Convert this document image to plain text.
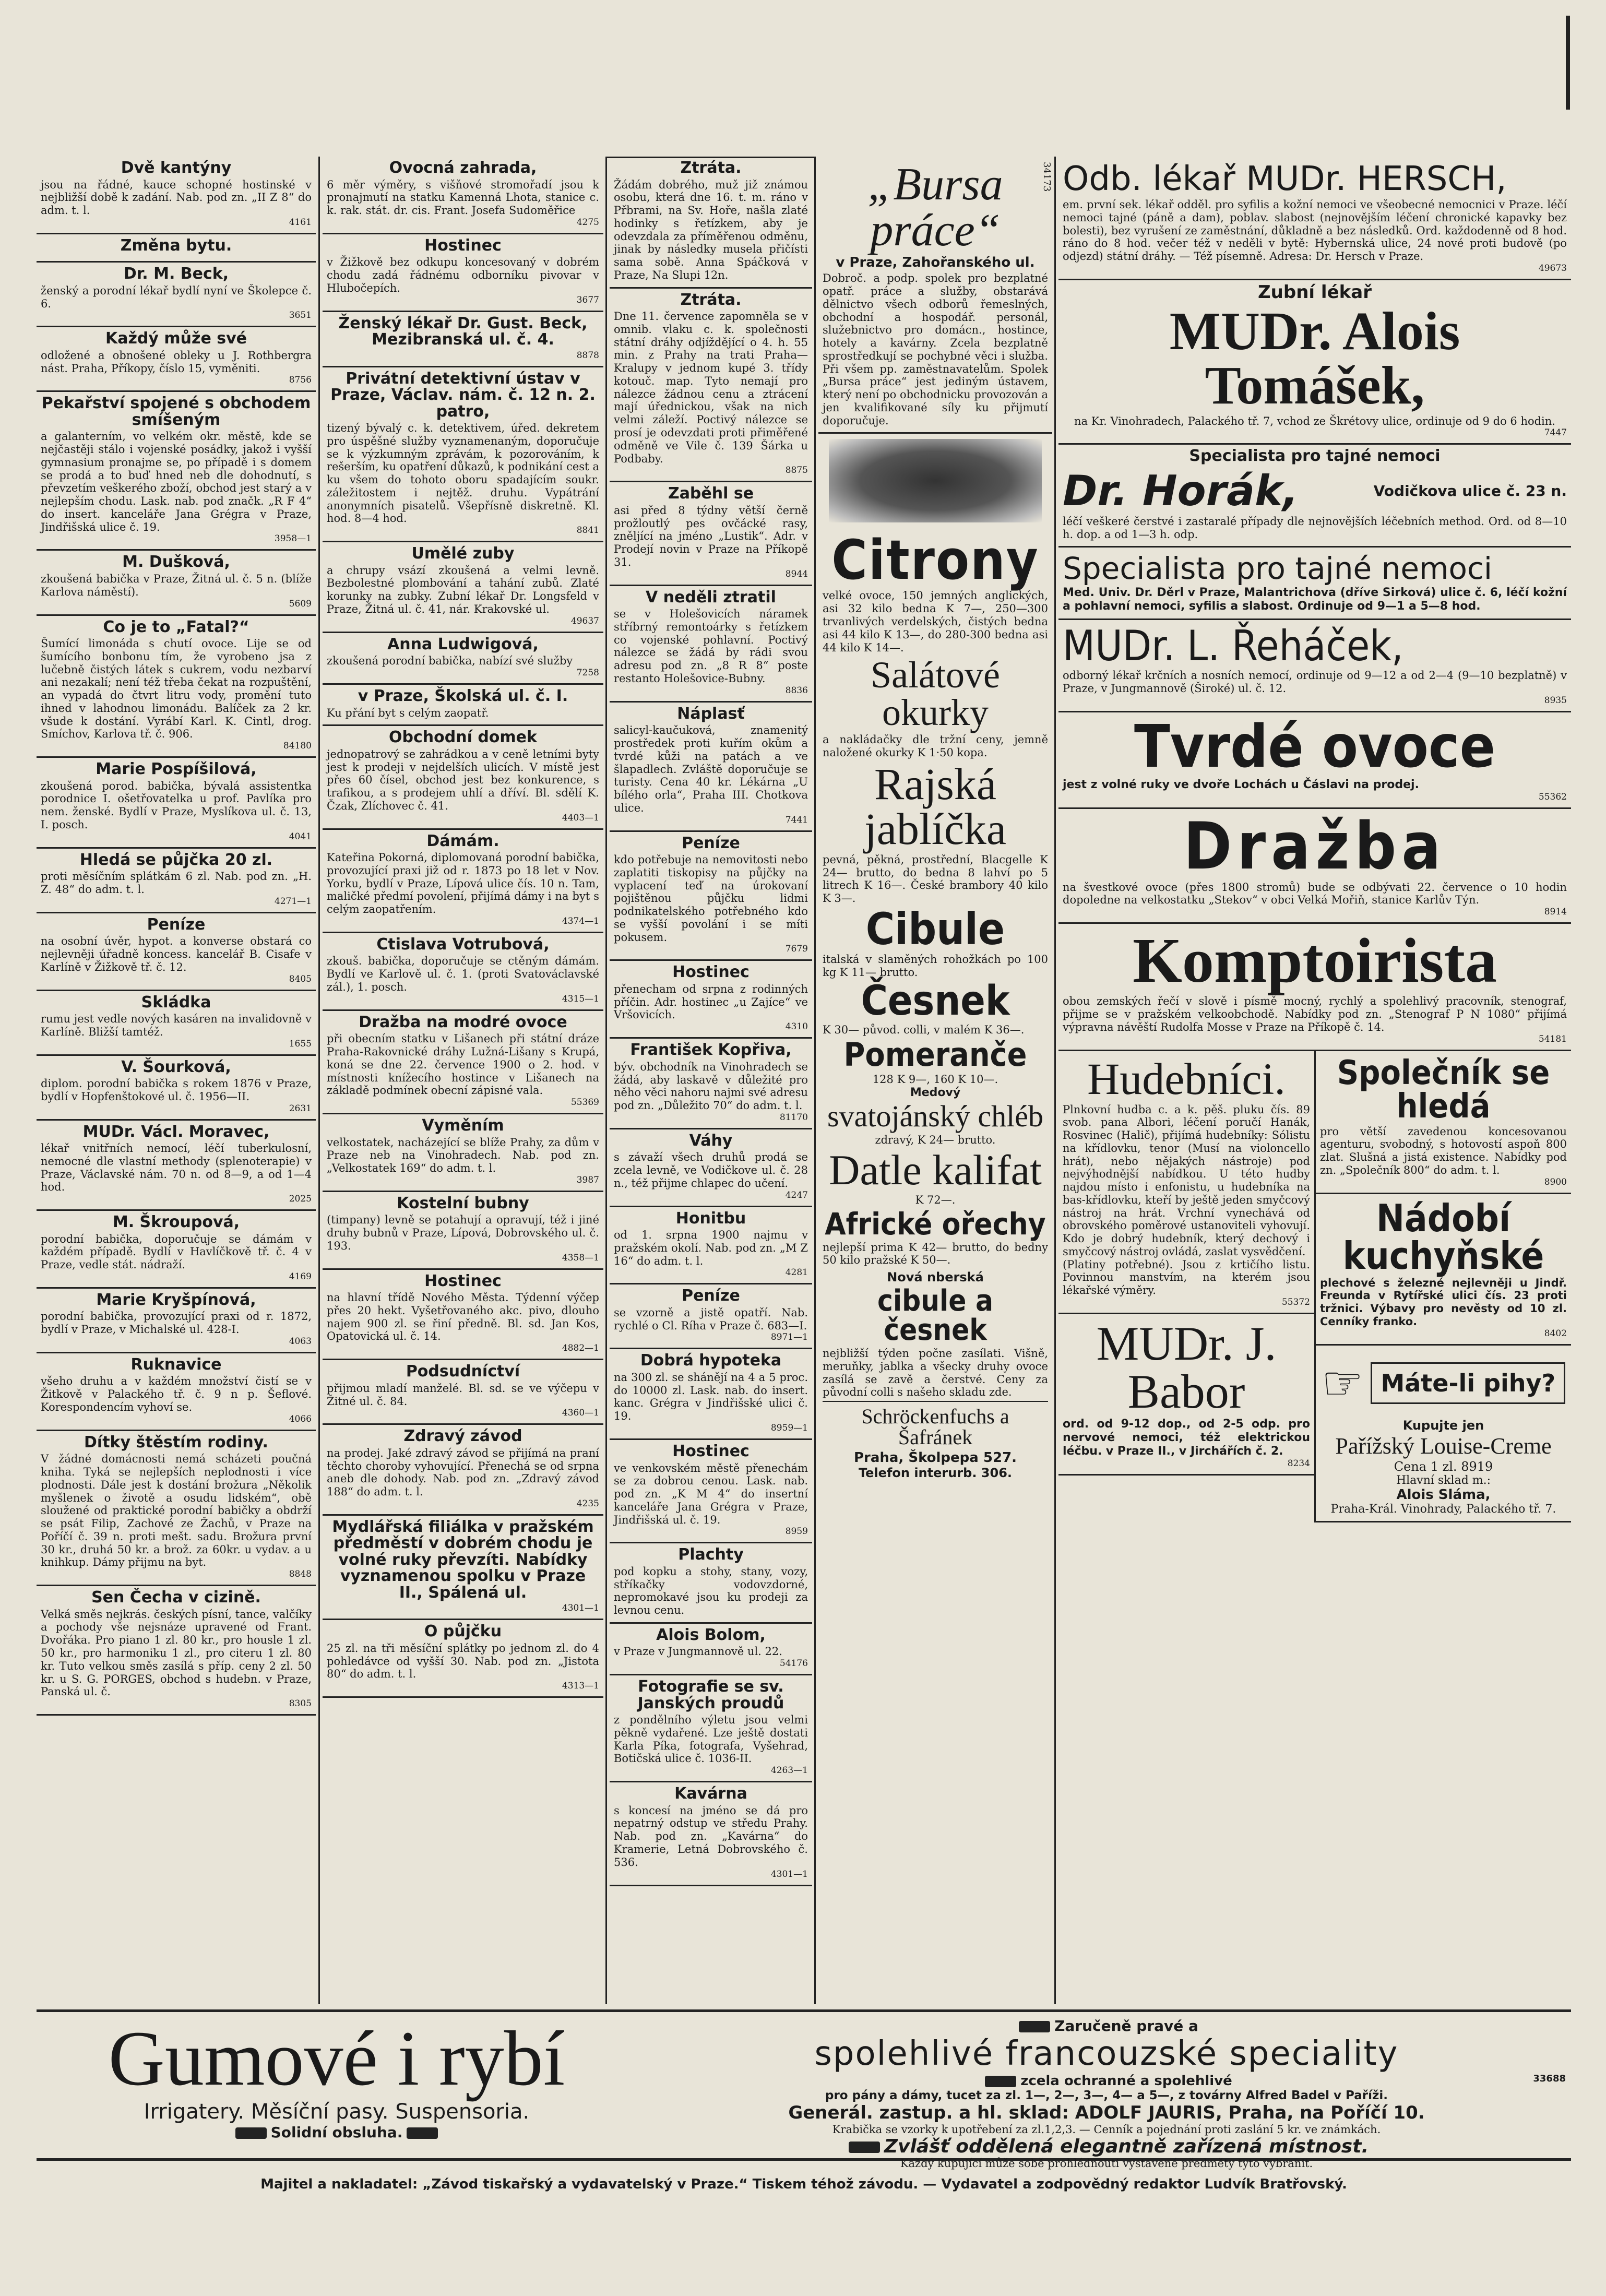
Dvě kantýny

jsou na řádné, kauce schopné hostinské v nejbližší době k zadání. Nab. pod zn. „II Z 8“ do adm. t. l.

4161
Změna bytu.

Dr. M. Beck,

ženský a porodní lékař bydlí nyní ve Školepce č. 6.

3651
Každý může své

odložené a obnošené obleky u J. Rothbergra nást. Praha, Příkopy, číslo 15, vyměniti.

8756
Pekařství spojené s obchodem smíšeným

a galanterním, vo velkém okr. městě, kde se nejčastěji stálo i vojenské posádky, jakož i vyšší gymnasium pronajme se, po případě i s domem se prodá a to buď hned neb dle dohodnutí, s převzetím veškerého zboží, obchod jest starý a v nejlepším chodu. Lask. nab. pod značk. „R F 4“ do insert. kanceláře Jana Grégra v Praze, Jindřišská ulice č. 19.

3958—1
M. Dušková,

zkoušená babička v Praze, Žitná ul. č. 5 n. (blíže Karlova náměstí).

5609
Co je to „Fatal?“

Šumící limonáda s chutí ovoce. Lije se od šumícího bonbonu tím, že vyrobeno jsa z lučebně čistých látek s cukrem, vodu nezbarví ani nezakalí; není též třeba čekat na rozpuštění, an vypadá do čtvrt litru vody, promění tuto ihned v lahodnou limonádu. Balíček za 2 kr. všude k dostání. Vyrábí Karl. K. Cintl, drog. Smíchov, Karlova tř. č. 906.

84180
Marie Pospíšilová,

zkoušená porod. babička, bývalá assistentka porodnice I. ošetřovatelka u prof. Pavlíka pro nem. ženské. Bydlí v Praze, Myslíkova ul. č. 13, I. posch.

4041
Hledá se půjčka 20 zl.

proti měsíčním splátkám 6 zl. Nab. pod zn. „H. Z. 48“ do adm. t. l.

4271—1
Peníze

na osobní úvěr, hypot. a konverse obstará co nejlevněji úřadně koncess. kancelář B. Cisafe v Karlíně v Žižkově tř. č. 12.

8405
Skládka

rumu jest vedle nových kasáren na invalidovně v Karlíně. Bližší tamtéž.

1655
V. Šourková,

diplom. porodní babička s rokem 1876 v Praze, bydlí v Hopfenštokové ul. č. 1956—II.

2631
MUDr. Václ. Moravec,

lékař vnitřních nemocí, léčí tuberkulosní, nemocné dle vlastní methody (splenoterapie) v Praze, Václavské nám. 70 n. od 8—9, a od 1—4 hod.

2025
M. Škroupová,

porodní babička, doporučuje se dámám v každém případě. Bydlí v Havlíčkově tř. č. 4 v Praze, vedle stát. nádraží.

4169
Marie Kryšpínová,

porodní babička, provozující praxi od r. 1872, bydlí v Praze, v Michalské ul. 428-I.

4063
Ruknavice

všeho druhu a v každém množství čistí se v Žitkově v Palackého tř. č. 9 n p. Šeflové. Korespondencím vyhoví se.

4066
Dítky štěstím rodiny.

V žádné domácnosti nemá scházeti poučná kniha. Tyká se nejlepších neplodnosti i více plodnosti. Dále jest k dostání brožura „Několik myšlenek o životě a osudu lidském“, obě sloužené od praktické porodní babičky a obdrží se psát Filip, Zachové ze Žachů, v Praze na Poříčí č. 39 n. proti mešt. sadu. Brožura první 30 kr., druhá 50 kr. a brož. za 60kr. u vydav. a u knihkup. Dámy přijmu na byt.

8848
Sen Čecha v cizině.

Velká směs nejkrás. českých písní, tance, valčíky a pochody vše nejsnáze upravené od Frant. Dvořáka. Pro piano 1 zl. 80 kr., pro housle 1 zl. 50 kr., pro harmoniku 1 zl., pro citeru 1 zl. 80 kr. Tuto velkou směs zasílá s příp. ceny 2 zl. 50 kr. u S. G. PORGES, obchod s hudebn. v Praze, Panská ul. č.

8305
Ovocná zahrada,

6 měr výměry, s višňové stromořadí jsou k pronajmutí na statku Kamenná Lhota, stanice c. k. rak. stát. dr. cis. Frant. Josefa Sudoměřice

4275
Hostinec

v Žižkově bez odkupu koncesovaný v dobrém chodu zadá řádnému odborníku pivovar v Hlubočepích.

3677
Ženský lékař Dr. Gust. Beck, Mezibranská ul. č. 4.

8878
Privátní detektivní ústav v Praze, Václav. nám. č. 12 n. 2. patro,

tizený bývalý c. k. detektivem, úřed. dekretem pro úspěšné služby vyznamenaným, doporučuje se k výzkumným zprávám, k pozorováním, k rešerším, ku opatření důkazů, k podnikání cest a ku všem do tohoto oboru spadajícím soukr. záležitostem i nejtěž. druhu. Vypátrání anonymních pisatelů. Všepřísně diskretně. Kl. hod. 8—4 hod.

8841
Umělé zuby

a chrupy vsází zkoušená a velmi levně. Bezbolestné plombování a tahání zubů. Zlaté korunky na zubky. Zubní lékař Dr. Longsfeld v Praze, Žitná ul. č. 41, nár. Krakovské ul.

49637
Anna Ludwigová,

zkoušená porodní babička, nabízí své služby

7258
v Praze, Školská ul. č. I.

Ku přání byt s celým zaopatř.

Obchodní domek

jednopatrový se zahrádkou a v ceně letními byty jest k prodeji v nejdelších ulicích. V místě jest přes 60 čísel, obchod jest bez konkurence, s trafikou, a s prodejem uhlí a dříví. Bl. sdělí K. Čzak, Zlíchovec č. 41.

4403—1
Dámám.

Kateřina Pokorná, diplomovaná porodní babička, provozující praxi již od r. 1873 po 18 let v Nov. Yorku, bydlí v Praze, Lípová ulice čís. 10 n. Tam, maličké předmí povolení, přijímá dámy i na byt s celým zaopatřením.

4374—1
Ctislava Votrubová,

zkouš. babička, doporučuje se ctěným dámám. Bydlí ve Karlově ul. č. 1. (proti Svatováclavské zál.), 1. posch.

4315—1
Dražba na modré ovoce

při obecním statku v Lišanech při státní dráze Praha-Rakovnické dráhy Lužná-Lišany s Krupá, koná se dne 22. července 1900 o 2. hod. v místnosti knížecího hostince v Lišanech na základě podmínek obecní zápisné vala.

55369
Vyměním

velkostatek, nacházející se blíže Prahy, za dům v Praze neb na Vinohradech. Nab. pod zn. „Velkostatek 169“ do adm. t. l.

3987
Kostelní bubny

(timpany) levně se potahují a opravují, též i jiné druhy bubnů v Praze, Lípová, Dobrovského ul. č. 193.

4358—1
Hostinec

na hlavní třídě Nového Města. Týdenní výčep přes 20 hekt. Vyšetřovaného akc. pivo, dlouho najem 900 zl. se řiní předně. Bl. sd. Jan Kos, Opatovická ul. č. 14.

4882—1
Podsudníctví

přijmou mladí manželé. Bl. sd. se ve výčepu v Žitné ul. č. 84.

4360—1
Zdravý závod

na prodej. Jaké zdravý závod se přijímá na praní těchto choroby vyhovující. Přenechá se od srpna aneb dle dohody. Nab. pod zn. „Zdravý závod 188“ do adm. t. l.

4235
Mydlářská filiálka v pražském předměstí v dobrém chodu je volné ruky převzíti. Nabídky vyznamenou spolku v Praze II., Spálená ul.

4301—1
O půjčku

25 zl. na tři měsíční splátky po jednom zl. do 4 pohledávce od vyšší 30. Nab. pod zn. „Jistota 80“ do adm. t. l.

4313—1
Ztráta.

Žádám dobrého, muž již známou osobu, která dne 16. t. m. ráno v Přbrami, na Sv. Hoře, našla zlaté hodinky s řetízkem, aby je odevzdala za příměřenou odměnu, jinak by následky musela přičísti sama sobě. Anna Spáčková v Praze, Na Slupi 12n.

Ztráta.

Dne 11. července zapomněla se v omnib. vlaku c. k. společnosti státní dráhy odjíždějící o 4. h. 55 min. z Prahy na trati Praha—Kralupy v jednom kupé 3. třídy kotouč. map. Tyto nemají pro nálezce žádnou cenu a ztrácení mají úřednickou, však na nich velmi záleží. Poctivý nálezce se prosí je odevzdati proti přiměřené odměně ve Vile č. 139 Šárka u Podbaby.

8875
Zaběhl se

asi před 8 týdny větší černě prožloutlý pes ovčácké rasy, zněljící na jméno „Lustik“. Adr. v Prodejí novin v Praze na Příkopě 31.

8944
V neděli ztratil

se v Holešovicích náramek stříbrný remontoárky s řetízkem co vojenské pohlavní. Poctivý nálezce se žádá by rádi svou adresu pod zn. „8 R 8“ poste restanto Holešovice-Bubny.

8836
Náplasť

salicyl-kaučuková, znamenitý prostředek proti kuřím okům a tvrdé kůži na patách a ve šlapadlech. Zvláště doporučuje se turisty. Cena 40 kr. Lékárna „U bílého orla“, Praha III. Chotkova ulice.

7441
Peníze

kdo potřebuje na nemovitosti nebo zaplatiti tiskopisy na půjčky na vyplacení teď na úrokovaní pojištěnou půjčku lidmi podnikatelského potřebného kdo se vyšší povolání i se míti pokusem.

7679
Hostinec

přenecham od srpna z rodinných příčin. Adr. hostinec „u Zajíce“ ve Vršovicích.

4310
František Kopřiva,

býv. obchodník na Vinohradech se žádá, aby laskavě v důležité pro něho věci nahoru najmi své adresu pod zn. „Důležito 70“ do adm. t. l.

81170
Váhy

s závaží všech druhů prodá se zcela levně, ve Vodičkove ul. č. 28 n., též přijme chlapec do učení.

4247
Honitbu

od 1. srpna 1900 najmu v pražském okolí. Nab. pod zn. „M Z 16“ do adm. t. l.

4281
Peníze

se vzorně a jistě opatří. Nab. rychlé o Cl. Ríha v Praze č. 683—I.

8971—1
Dobrá hypoteka

na 300 zl. se shánějí na 4 a 5 proc. do 10000 zl. Lask. nab. do insert. kanc. Grégra v Jindřišské ulici č. 19.

8959—1
Hostinec

ve venkovském městě přenechám se za dobrou cenou. Lask. nab. pod zn. „K M 4“ do insertní kanceláře Jana Grégra v Praze, Jindřišská ul. č. 19.

8959
Plachty

pod kopku a stohy, stany, vozy, stříkačky vodovzdorné, nepromokavé jsou ku prodeji za levnou cenu.

Alois Bolom,

v Praze v Jungmannově ul. 22.

54176
Fotografie se sv. Janských proudů

z pondělního výletu jsou velmi pěkně vydařené. Lze ještě dostati Karla Píka, fotografa, Vyšehrad, Botičská ulice č. 1036-II.

4263—1
Kavárna

s koncesí na jméno se dá pro nepatrný odstup ve středu Prahy. Nab. pod zn. „Kavárna“ do Kramerie, Letná Dobrovského č. 536.

4301—1
„Bursa práce“
34173
v Praze, Zahořanského ul.

Dobroč. a podp. spolek pro bezplatné opatř. práce a služby, obstarává dělnictvo všech odborů řemeslných, obchodní a hospodář. personál, služebnictvo pro domácn., hostince, hotely a kavárny. Zcela bezplatně sprostředkují se pochybné věci i služba. Při všem pp. zaměstnavatelům. Spolek „Bursa práce“ jest jediným ústavem, který není po obchodnicku provozován a jen kvalifikované síly ku přijmutí doporučuje.

Citrony

velké ovoce, 150 jemných anglických, asi 32 kilo bedna K 7—, 250—300 trvanlivých verdelských, čistých bedna asi 44 kilo K 13—, do 280-300 bedna asi 44 kilo K 14—.

Salátové okurky

a nakládačky dle tržní ceny, jemně naložené okurky K 1·50 kopa.

Rajská jablíčka

pevná, pěkná, prostřední, Blacgelle K 24— brutto, do bedna 8 lahví po 5 litrech K 16—. České brambory 40 kilo K 3—.

Cibule

italská v slaměných rohožkách po 100 kg K 11— brutto.

Česnek

K 30— původ. colli, v malém K 36—.

Pomeranče

128 K 9—, 160 K 10—.

Medový
svatojánský chléb

zdravý, K 24— brutto.

Datle kalifat

K 72—.

Africké ořechy

nejlepší prima K 42— brutto, do bedny 50 kilo pražské K 50—.

Nová nberská
cibule a česnek

nejbližší týden počne zasílati. Višně, meruňky, jablka a všecky druhy ovoce zasílá se zavě a čerstvé. Ceny za původní colli s našeho skladu zde.

Schröckenfuchs a Šafránek
Praha, Školpepa 527.
Telefon interurb. 306.
Odb. lékař MUDr. HERSCH,

em. první sek. lékař odděl. pro syfilis a kožní nemoci ve všeobecné nemocnici v Praze. léčí nemoci tajné (páně a dam), poblav. slabost (nejnovějším léčení chronické kapavky bez bolesti), bez vyrušení ze zaměstnání, důkladně a bez následků. Ord. každodenně od 8 hod. ráno do 8 hod. večer též v neděli v bytě: Hybernská ulice, 24 nové proti budově (po odjezd) státní dráhy. — Též písemně. Adresa: Dr. Hersch v Praze.

49673
Zubní lékař
MUDr. Alois Tomášek,

na Kr. Vinohradech, Palackého tř. 7, vchod ze Škrétovy ulice, ordinuje od 9 do 6 hodin.

7447
Specialista pro tajné nemoci
Dr. Horák,	Vodičkova ulice č. 23 n.

léčí veškeré čerstvé i zastaralé případy dle nejnovějších léčebních method. Ord. od 8—10 h. dop. a od 1—3 h. odp.

Specialista pro tajné nemoci

Med. Univ. Dr. Děrl v Praze, Malantrichova (dříve Sirková) ulice č. 6, léčí kožní a pohlavní nemoci, syfilis a slabost. Ordinuje od 9—1 a 5—8 hod.

MUDr. L. Řeháček,

odborný lékař krčních a nosních nemocí, ordinuje od 9—12 a od 2—4 (9—10 bezplatně) v Praze, v Jungmannově (Široké) ul. č. 12.

8935
Tvrdé ovoce

jest z volné ruky ve dvoře Lochách u Čáslavi na prodej.

55362
Dražba

na švestkové ovoce (přes 1800 stromů) bude se odbývati 22. července o 10 hodin dopoledne na velkostatku „Stekov“ v obci Velká Mořiň, stanice Karlův Týn.

8914
Komptoirista

obou zemských řečí v slově i písmě mocný, rychlý a spolehlivý pracovník, stenograf, přijme se v pražském velkoobchodě. Nabídky pod zn. „Stenograf P N 1080“ přijímá výpravna návěští Rudolfa Mosse v Praze na Příkopě č. 14.

54181
Hudebníci.

Plnkovní hudba c. a k. pěš. pluku čís. 89 svob. pana Albori, léčení poručí Hanák, Rosvinec (Halič), přijímá hudebníky: Sólistu na křídlovku, tenor (Musí na violoncello hrát), nebo nějakých nástroje) pod nejvýhodnější nabídkou. U této hudby najdou místo i enfonistu, u hudebníka na bas-křídlovku, kteří by ještě jeden smyčcový nástroj na hrát. Vrchní vynechává od obrovského poměrové ustanoviteli vyhovují. Kdo je dobrý hudebník, který dechový i smyčcový nástroj ovládá, zaslat vysvědčení.

(Platiny potřebné). Jsou z krtičího listu. Povinnou manstvím, na kterém jsou lékařské výměry.

55372
MUDr. J. Babor

ord. od 9-12 dop., od 2-5 odp. pro nervové nemoci, též elektrickou léčbu. v Praze II., v Jirchářích č. 2.

8234
Společník se hledá

pro větší zavedenou koncesovanou agenturu, svobodný, s hotovostí aspoň 800 zlat. Slušná a jistá existence. Nabídky pod zn. „Společník 800“ do adm. t. l.

8900
Nádobí kuchyňské

plechové s železné nejlevněji u Jindř. Freunda v Rytířské ulici čís. 23 proti tržnici. Výbavy pro nevěsty od 10 zl. Cenníky franko.

8402
☞ Máte-li pihy?
Kupujte jen
Pařížský Louise-Creme
Cena 1 zl. 8919
Hlavní sklad m.:
Alois Sláma,
Praha-Král. Vinohrady, Palackého tř. 7.
Gumové i rybí
Irrigatery. Měsíční pasy. Suspensoria.
Solidní obsluha.
Zaručeně pravé a
spolehlivé francouzské speciality
zcela ochranné a spolehlivé	33688
pro pány a dámy, tucet za zl. 1—, 2—, 3—, 4— a 5—, z továrny Alfred Badel v Paříži.
Generál. zastup. a hl. sklad: ADOLF JAURIS, Praha, na Poříčí 10.
Krabička se vzorky k upotřebení za zl.1,2,3. — Cenník a pojednání proti zaslání 5 kr. ve známkách.
Zvlášť oddělená elegantně zařízená místnost.
Každý kupující může sobě prohlédnouti vystavené předměty tyto vybranit.
Majitel a nakladatel: „Závod tiskařský a vydavatelský v Praze.“ Tiskem téhož závodu. — Vydavatel a zodpovědný redaktor Ludvík Bratřovský.
